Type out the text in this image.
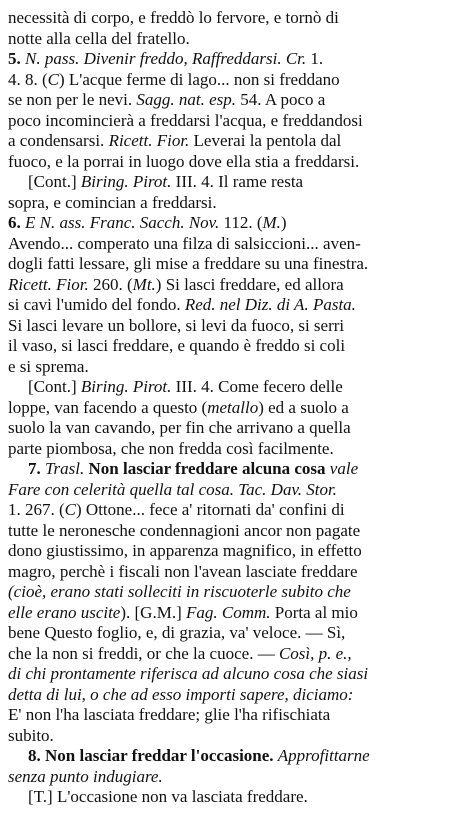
necessità di corpo, e freddò lo fervore, e tornò di
notte alla cella del fratello.
5. N. pass. Divenir freddo, Raffreddarsi. Cr. 1.
4. 8. (C) L'acque ferme di lago... non si freddano
se non per le nevi. Sagg. nat. esp. 54. A poco a
poco incomincierà a freddarsi l'acqua, e freddandosi
a condensarsi. Ricett. Fior. Leverai la pentola dal
fuoco, e la porrai in luogo dove ella stia a freddarsi.
[Cont.] Biring. Pirot. III. 4. Il rame resta
sopra, e comincian a freddarsi.
6. E N. ass. Franc. Sacch. Nov. 112. (M.)
Avendo... comperato una filza di salsiccioni... aven-
dogli fatti lessare, gli mise a freddare su una finestra.
Ricett. Fior. 260. (Mt.) Si lasci freddare, ed allora
si cavi l'umido del fondo. Red. nel Diz. di A. Pasta.
Si lasci levare un bollore, si levi da fuoco, si serri
il vaso, si lasci freddare, e quando è freddo si coli
e si sprema.
[Cont.] Biring. Pirot. III. 4. Come fecero delle
loppe, van facendo a questo (metallo) ed a suolo a
suolo la van cavando, per fin che arrivano a quella
parte piombosa, che non fredda così facilmente.
7. Trasl. Non lasciar freddare alcuna cosa vale
Fare con celerità quella tal cosa. Tac. Dav. Stor.
1. 267. (C) Ottone... fece a' ritornati da' confini di
tutte le neronesche condennagioni ancor non pagate
dono giustissimo, in apparenza magnifico, in effetto
magro, perchè i fiscali non l'avean lasciate freddare
(cioè, erano stati solleciti in riscuoterle subito che
elle erano uscite). [G.M.] Fag. Comm. Porta al mio
bene Questo foglio, e, di grazia, va' veloce. — Sì,
che la non si freddi, or che la cuoce. — Così, p. e.,
di chi prontamente riferisca ad alcuno cosa che siasi
detta di lui, o che ad esso importi sapere, diciamo:
E' non l'ha lasciata freddare; glie l'ha rifischiata
subito.
8. Non lasciar freddar l'occasione. Approfittarne
senza punto indugiare.
[T.] L'occasione non va lasciata freddare.
